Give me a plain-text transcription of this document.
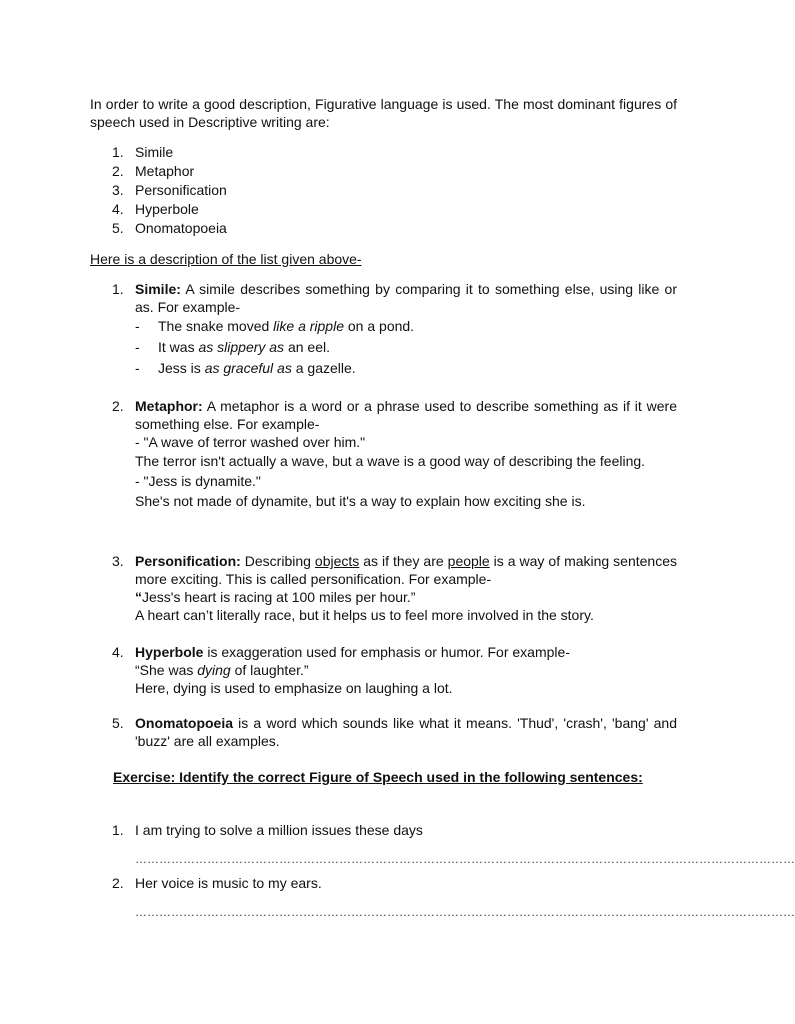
In order to write a good description, Figurative language is used. The most dominant figures of speech used in Descriptive writing are:
1. Simile
2. Metaphor
3. Personification
4. Hyperbole
5. Onomatopoeia
Here is a description of the list given above-
1. Simile: A simile describes something by comparing it to something else, using like or as. For example-
- The snake moved like a ripple on a pond.
- It was as slippery as an eel.
- Jess is as graceful as a gazelle.
2. Metaphor: A metaphor is a word or a phrase used to describe something as if it were something else. For example-
- "A wave of terror washed over him."
The terror isn't actually a wave, but a wave is a good way of describing the feeling.
- "Jess is dynamite."
She's not made of dynamite, but it's a way to explain how exciting she is.
3. Personification: Describing objects as if they are people is a way of making sentences more exciting. This is called personification. For example-
“Jess's heart is racing at 100 miles per hour.”
A heart can’t literally race, but it helps us to feel more involved in the story.
4. Hyperbole is exaggeration used for emphasis or humor. For example-
“She was dying of laughter.”
Here, dying is used to emphasize on laughing a lot.
5. Onomatopoeia is a word which sounds like what it means. 'Thud', 'crash', 'bang' and 'buzz' are all examples.
Exercise: Identify the correct Figure of Speech used in the following sentences:
1. I am trying to solve a million issues these days
…………………………………………………………………………………………………………………………………………………
2. Her voice is music to my ears.
…………………………………………………………………………………………………………………………………………………
